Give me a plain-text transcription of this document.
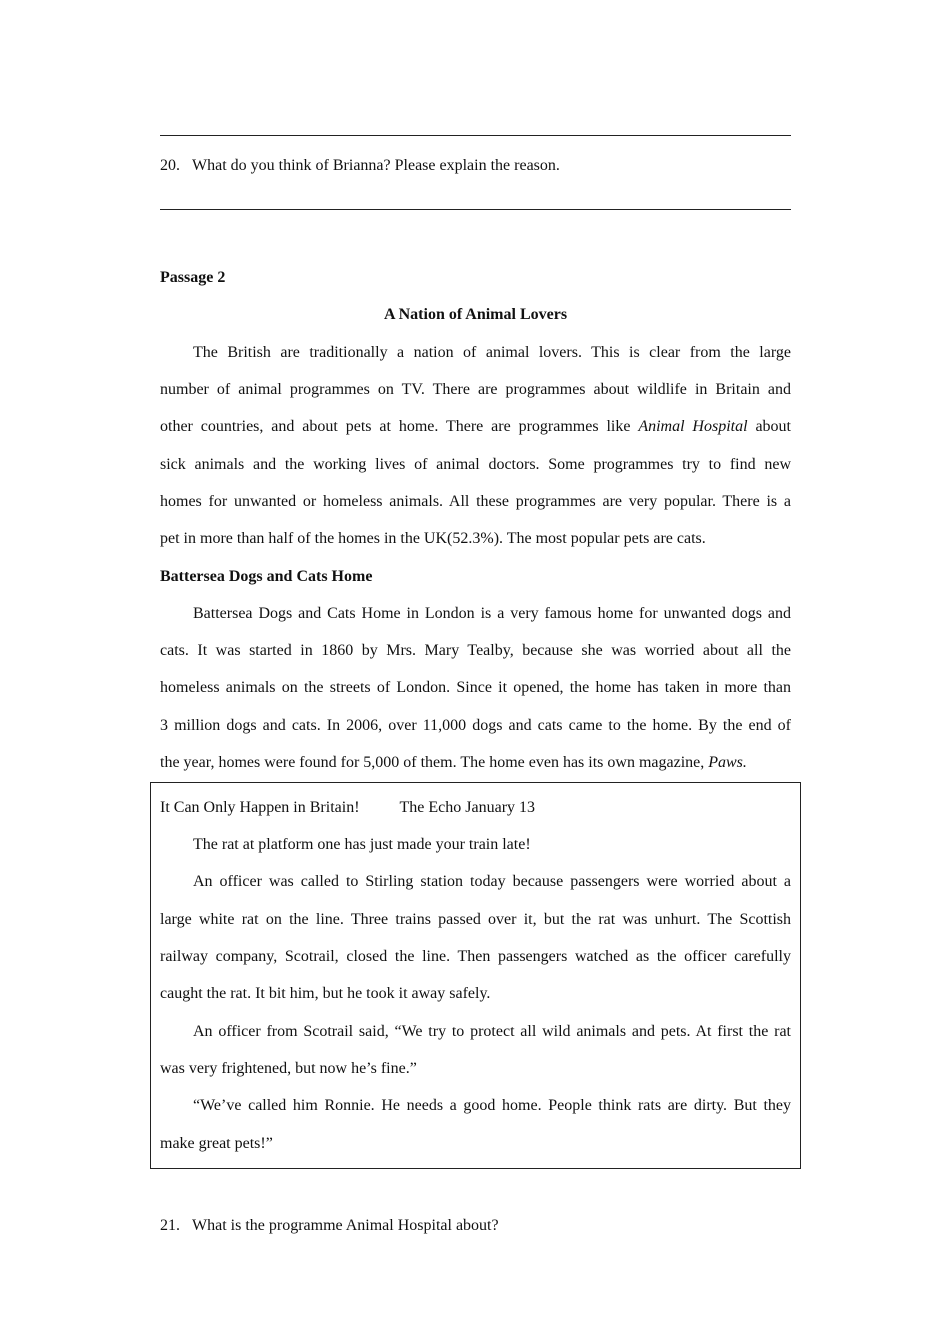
20. What do you think of Brianna? Please explain the reason.
Passage 2
A Nation of Animal Lovers
The British are traditionally a nation of animal lovers. This is clear from the large
number of animal programmes on TV. There are programmes about wildlife in Britain and
other countries, and about pets at home. There are programmes like Animal Hospital about
sick animals and the working lives of animal doctors. Some programmes try to find new
homes for unwanted or homeless animals. All these programmes are very popular. There is a
pet in more than half of the homes in the UK(52.3%). The most popular pets are cats.
Battersea Dogs and Cats Home
Battersea Dogs and Cats Home in London is a very famous home for unwanted dogs and
cats. It was started in 1860 by Mrs. Mary Tealby, because she was worried about all the
homeless animals on the streets of London. Since it opened, the home has taken in more than
3 million dogs and cats. In 2006, over 11,000 dogs and cats came to the home. By the end of
the year, homes were found for 5,000 of them. The home even has its own magazine, Paws.
It Can Only Happen in Britain!	The Echo January 13
The rat at platform one has just made your train late!
An officer was called to Stirling station today because passengers were worried about a
large white rat on the line. Three trains passed over it, but the rat was unhurt. The Scottish
railway company, Scotrail, closed the line. Then passengers watched as the officer carefully
caught the rat. It bit him, but he took it away safely.
An officer from Scotrail said, “We try to protect all wild animals and pets. At first the rat
was very frightened, but now he’s fine.”
“We’ve called him Ronnie. He needs a good home. People think rats are dirty. But they
make great pets!”
21. What is the programme Animal Hospital about?
